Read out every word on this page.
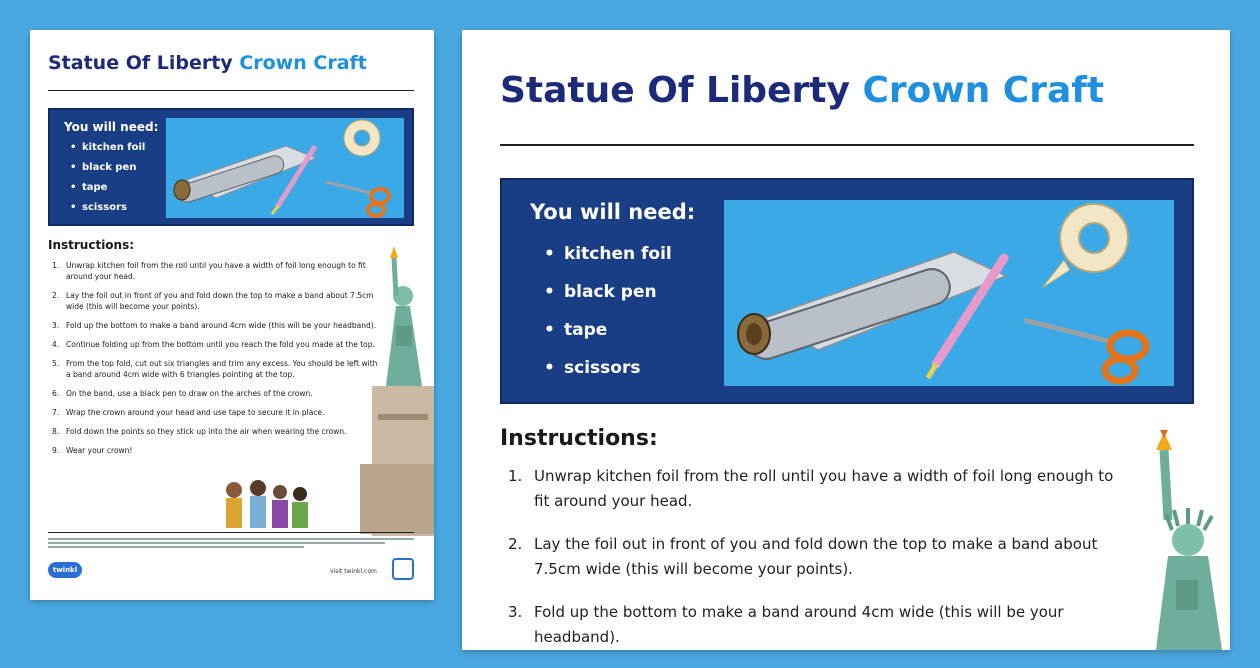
Statue Of Liberty Crown Craft
You will need:
• kitchen foil
• black pen
• tape
• scissors
Instructions:
1. Unwrap kitchen foil from the roll until you have a width of foil long enough to fit around your head.
2. Lay the foil out in front of you and fold down the top to make a band about 7.5cm wide (this will become your points).
3. Fold up the bottom to make a band around 4cm wide (this will be your headband).
4. Continue folding up from the bottom until you reach the fold you made at the top.
5. From the top fold, cut out six triangles and trim any excess. You should be left with a band around 4cm wide with 6 triangles pointing at the top.
6. On the band, use a black pen to draw on the arches of the crown.
7. Wrap the crown around your head and use tape to secure it in place.
8. Fold down the points so they stick up into the air when wearing the crown.
9. Wear your crown!
twinkl	visit twinkl.com
Statue Of Liberty Crown Craft
You will need:
• kitchen foil
• black pen
• tape
• scissors
Instructions:
1. Unwrap kitchen foil from the roll until you have a width of foil long enough to fit around your head.
2. Lay the foil out in front of you and fold down the top to make a band about 7.5cm wide (this will become your points).
3. Fold up the bottom to make a band around 4cm wide (this will be your headband).
